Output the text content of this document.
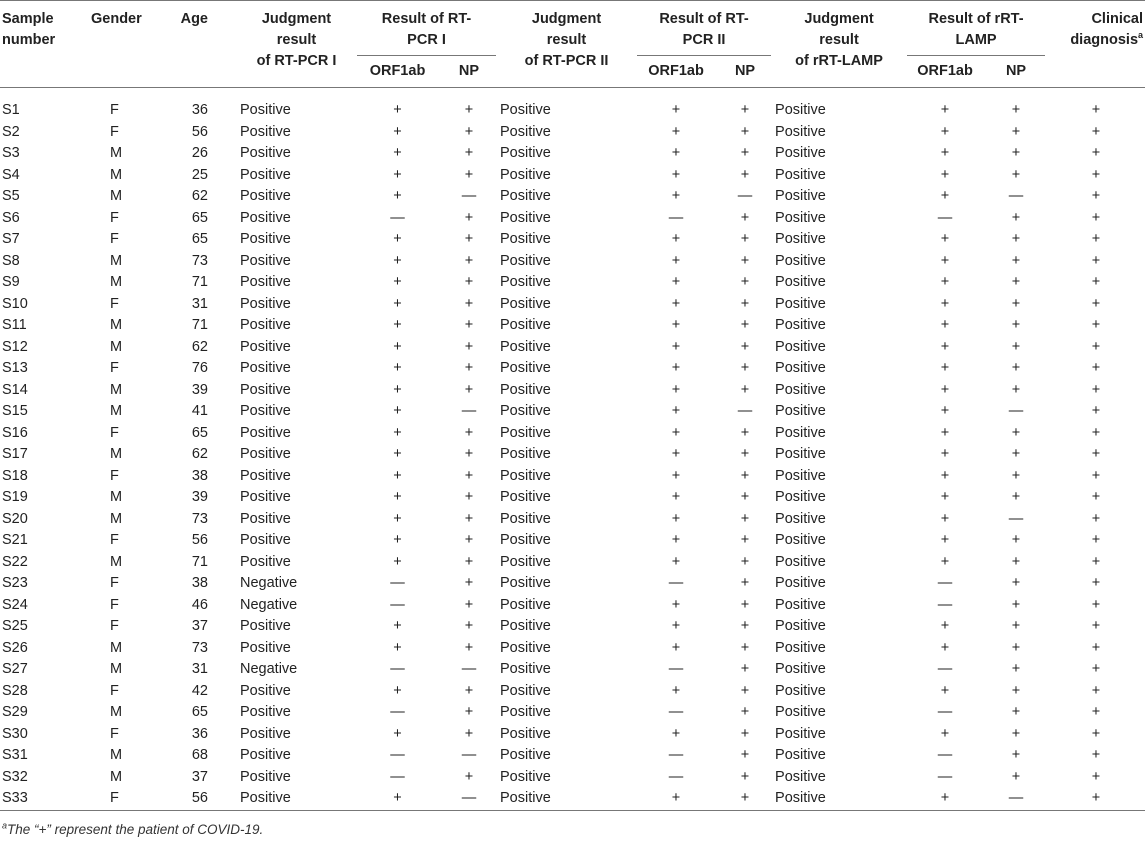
Sample
number	Gender	Age	Judgment
result
of RT-PCR I	Result of RT-
PCR I		Judgment
result
of RT-PCR II	Result of RT-
PCR II		Judgment
result
of rRT-LAMP	Result of rRT-
LAMP		Clinical
diagnosis$^a$
				ORF1ab	NP		ORF1ab	NP		ORF1ab	NP	

S1	F	36	Positive	+	+	Positive	+	+	Positive	+	+	+
S2	F	56	Positive	+	+	Positive	+	+	Positive	+	+	+
S3	M	26	Positive	+	+	Positive	+	+	Positive	+	+	+
S4	M	25	Positive	+	+	Positive	+	+	Positive	+	+	+
S5	M	62	Positive	+	—	Positive	+	—	Positive	+	—	+
S6	F	65	Positive	—	+	Positive	—	+	Positive	—	+	+
S7	F	65	Positive	+	+	Positive	+	+	Positive	+	+	+
S8	M	73	Positive	+	+	Positive	+	+	Positive	+	+	+
S9	M	71	Positive	+	+	Positive	+	+	Positive	+	+	+
S10	F	31	Positive	+	+	Positive	+	+	Positive	+	+	+
S11	M	71	Positive	+	+	Positive	+	+	Positive	+	+	+
S12	M	62	Positive	+	+	Positive	+	+	Positive	+	+	+
S13	F	76	Positive	+	+	Positive	+	+	Positive	+	+	+
S14	M	39	Positive	+	+	Positive	+	+	Positive	+	+	+
S15	M	41	Positive	+	—	Positive	+	—	Positive	+	—	+
S16	F	65	Positive	+	+	Positive	+	+	Positive	+	+	+
S17	M	62	Positive	+	+	Positive	+	+	Positive	+	+	+
S18	F	38	Positive	+	+	Positive	+	+	Positive	+	+	+
S19	M	39	Positive	+	+	Positive	+	+	Positive	+	+	+
S20	M	73	Positive	+	+	Positive	+	+	Positive	+	—	+
S21	F	56	Positive	+	+	Positive	+	+	Positive	+	+	+
S22	M	71	Positive	+	+	Positive	+	+	Positive	+	+	+
S23	F	38	Negative	—	+	Positive	—	+	Positive	—	+	+
S24	F	46	Negative	—	+	Positive	+	+	Positive	—	+	+
S25	F	37	Positive	+	+	Positive	+	+	Positive	+	+	+
S26	M	73	Positive	+	+	Positive	+	+	Positive	+	+	+
S27	M	31	Negative	—	—	Positive	—	+	Positive	—	+	+
S28	F	42	Positive	+	+	Positive	+	+	Positive	+	+	+
S29	M	65	Positive	—	+	Positive	—	+	Positive	—	+	+
S30	F	36	Positive	+	+	Positive	+	+	Positive	+	+	+
S31	M	68	Positive	—	—	Positive	—	+	Positive	—	+	+
S32	M	37	Positive	—	+	Positive	—	+	Positive	—	+	+
S33	F	56	Positive	+	—	Positive	+	+	Positive	+	—	+
$^a$The “+” represent the patient of COVID-19.
